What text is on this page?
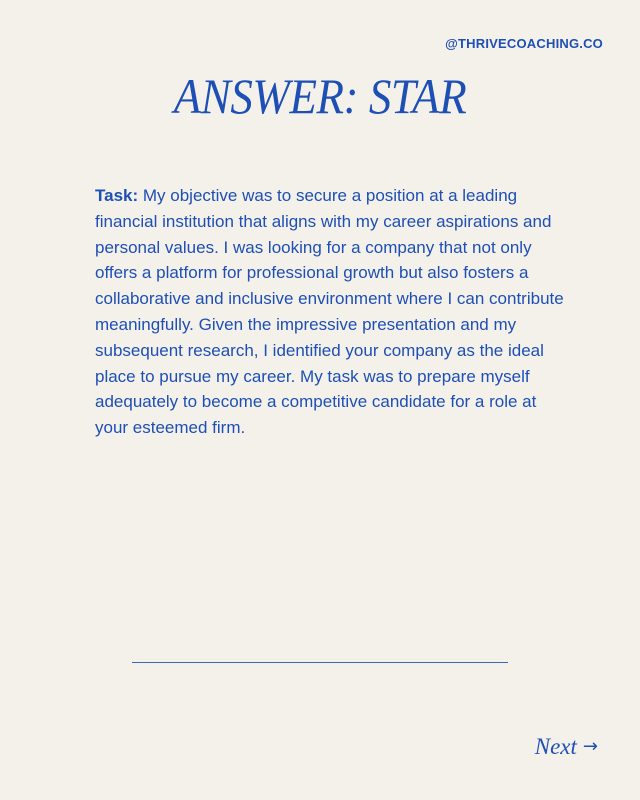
@THRIVECOACHING.CO
ANSWER: STAR

Task: My objective was to secure a position at a leading financial institution that aligns with my career aspirations and personal values. I was looking for a company that not only offers a platform for professional growth but also fosters a collaborative and inclusive environment where I can contribute meaningfully. Given the impressive presentation and my subsequent research, I identified your company as the ideal place to pursue my career. My task was to prepare myself adequately to become a competitive candidate for a role at your esteemed firm.

Next →
